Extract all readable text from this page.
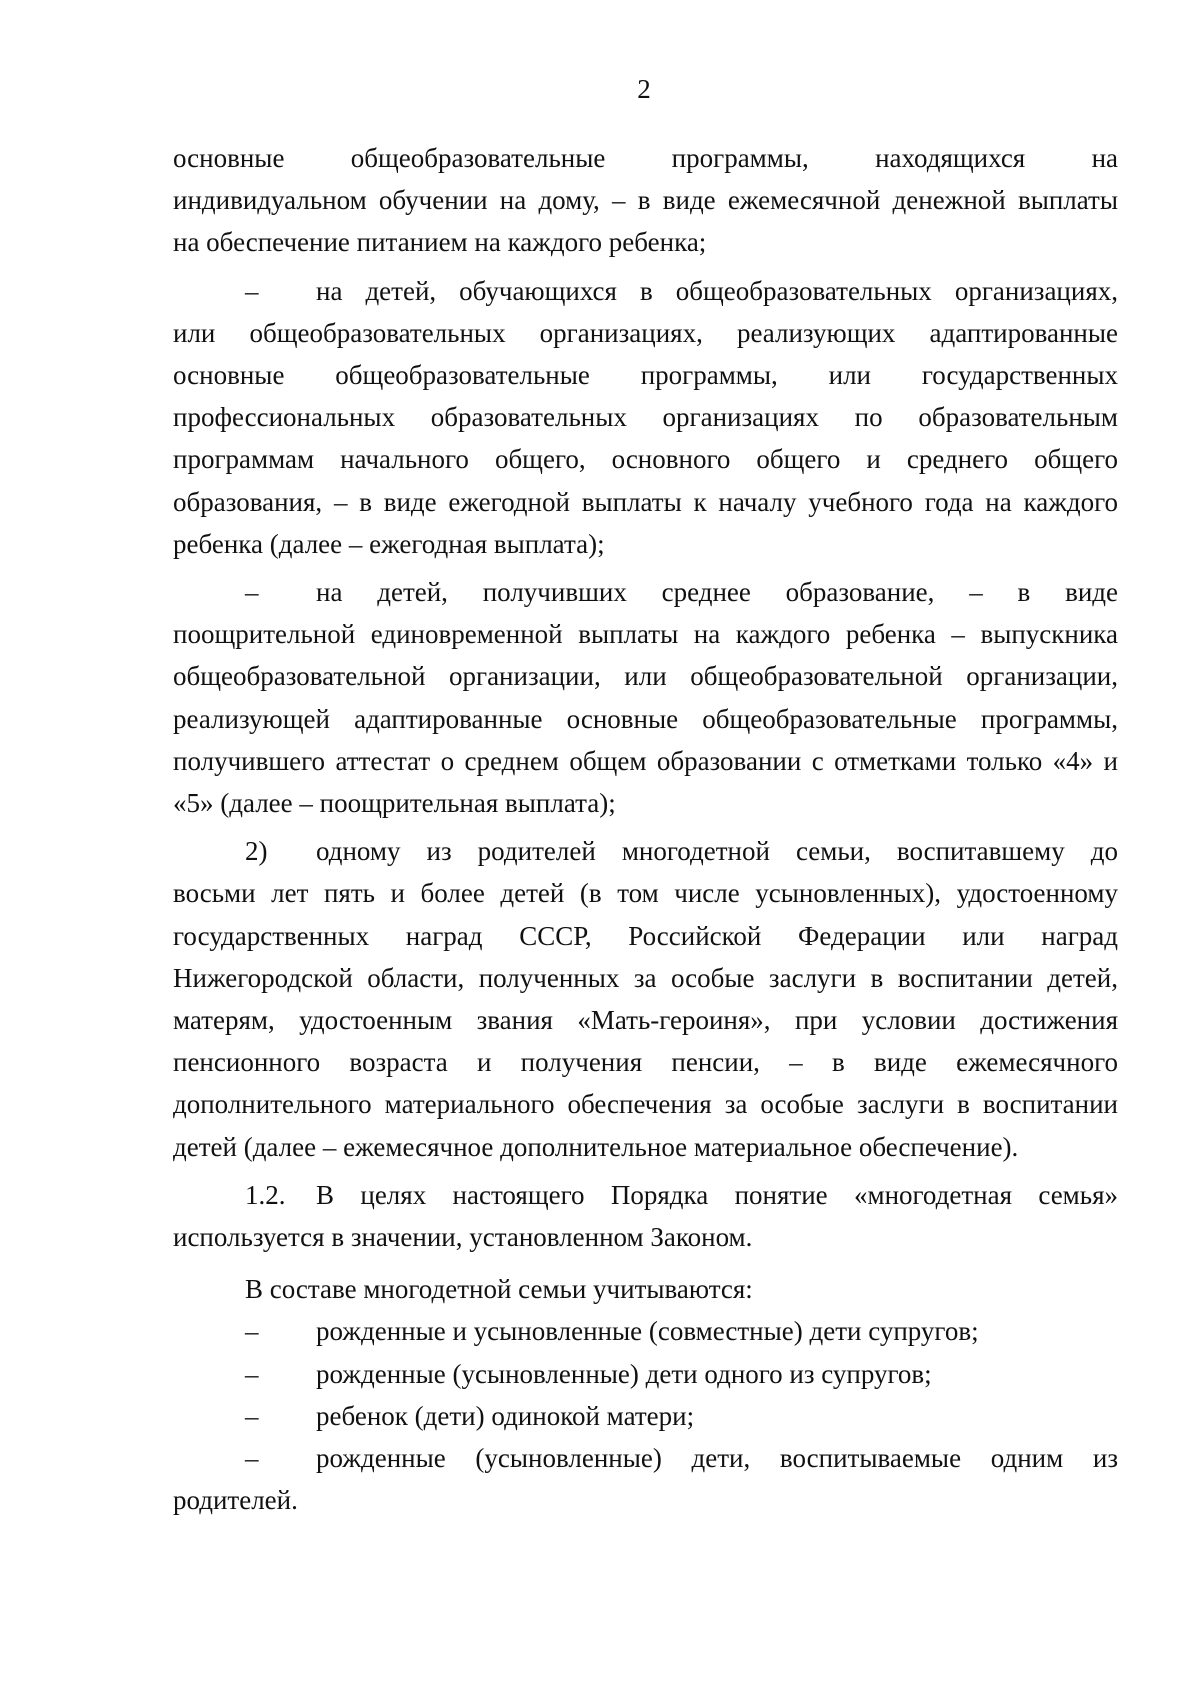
2
основные общеобразовательные программы, находящихся на
индивидуальном обучении на дому, – в виде ежемесячной денежной выплаты
на обеспечение питанием на каждого ребенка;
–	на детей, обучающихся в общеобразовательных организациях,
или общеобразовательных организациях, реализующих адаптированные основные общеобразовательные программы, или государственных профессиональных образовательных организациях по образовательным программам начального общего, основного общего и среднего общего образования, – в виде ежегодной выплаты к началу учебного года на каждого ребенка (далее – ежегодная выплата);
–	на детей, получивших среднее образование, – в виде
поощрительной единовременной выплаты на каждого ребенка – выпускника общеобразовательной организации, или общеобразовательной организации, реализующей адаптированные основные общеобразовательные программы, получившего аттестат о среднем общем образовании с отметками только «4» и «5» (далее – поощрительная выплата);
2)	одному из родителей многодетной семьи, воспитавшему до
восьми лет пять и более детей (в том числе усыновленных), удостоенному государственных наград СССР, Российской Федерации или наград Нижегородской области, полученных за особые заслуги в воспитании детей, матерям, удостоенным звания «Мать-героиня», при условии достижения пенсионного возраста и получения пенсии, – в виде ежемесячного дополнительного материального обеспечения за особые заслуги в воспитании детей (далее – ежемесячное дополнительное материальное обеспечение).
1.2.	В целях настоящего Порядка понятие «многодетная семья»
используется в значении, установленном Законом.
В составе многодетной семьи учитываются:
–	рожденные и усыновленные (совместные) дети супругов;
–	рожденные (усыновленные) дети одного из супругов;
–	ребенок (дети) одинокой матери;
–	рожденные (усыновленные) дети, воспитываемые одним из
родителей.
